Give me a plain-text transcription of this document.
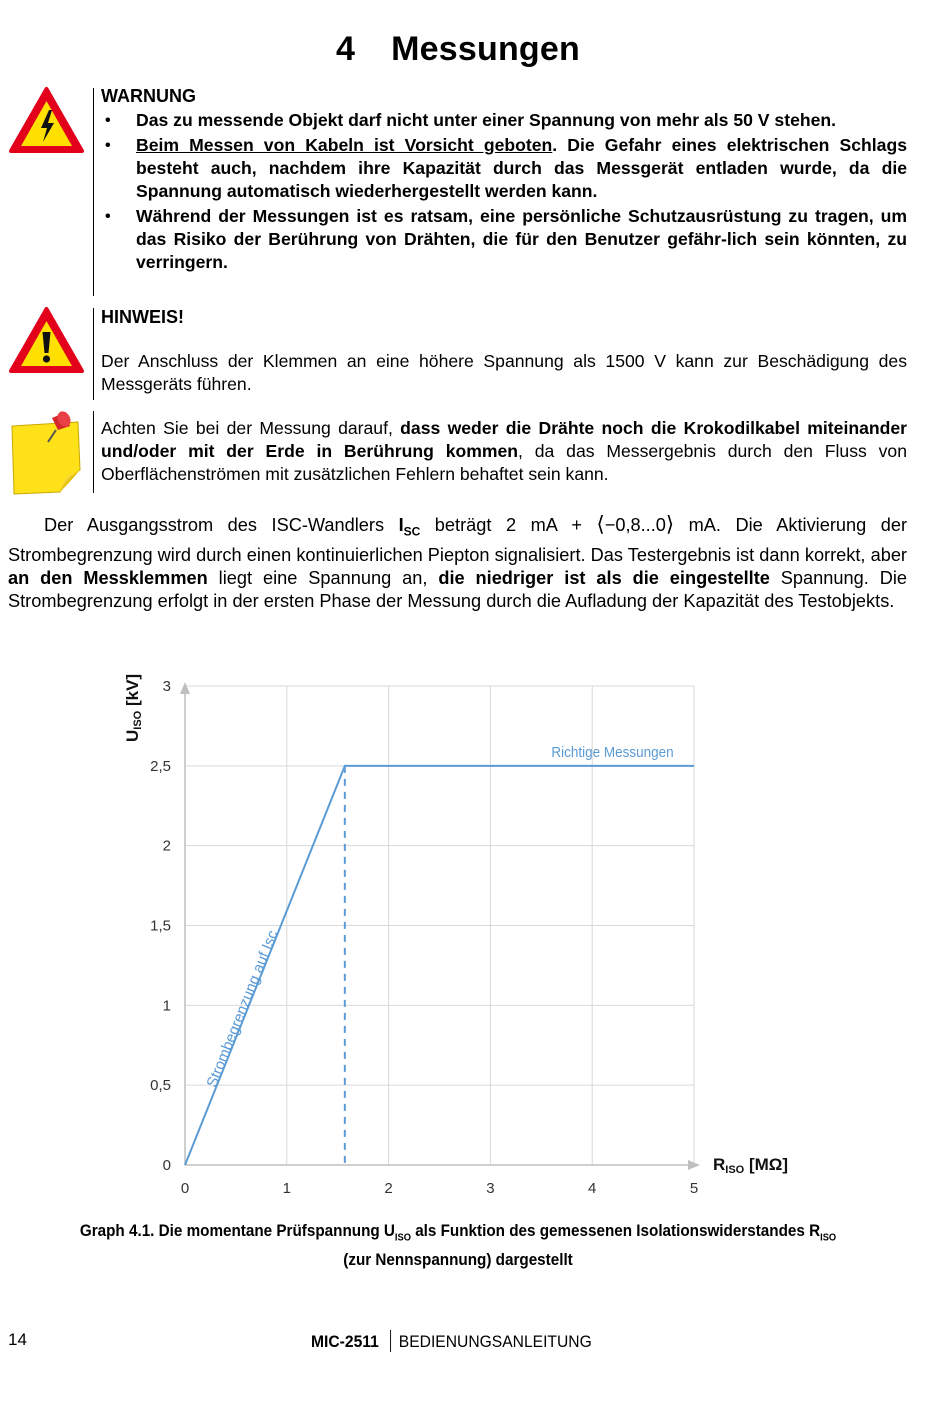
4 Messungen
WARNUNG
• Das zu messende Objekt darf nicht unter einer Spannung von mehr als 50 V stehen.
• Beim Messen von Kabeln ist Vorsicht geboten. Die Gefahr eines elektrischen Schlags besteht auch, nachdem ihre Kapazität durch das Messgerät entladen wurde, da die Spannung automatisch wiederhergestellt werden kann.
• Während der Messungen ist es ratsam, eine persönliche Schutzausrüstung zu tragen, um das Risiko der Berührung von Drähten, die für den Benutzer gefähr-lich sein könnten, zu verringern.
HINWEIS!
Der Anschluss der Klemmen an eine höhere Spannung als 1500 V kann zur Beschädigung des Messgeräts führen.
Achten Sie bei der Messung darauf, dass weder die Drähte noch die Krokodilkabel miteinander und/oder mit der Erde in Berührung kommen, da das Messergebnis durch den Fluss von Oberflächenströmen mit zusätzlichen Fehlern behaftet sein kann.
Der Ausgangsstrom des ISC-Wandlers $I_{SC}$ beträgt 2 mA + ⟨−0,8...0⟩ mA. Die Aktivierung der Strombegrenzung wird durch einen kontinuierlichen Piepton signalisiert. Das Testergebnis ist dann korrekt, aber an den Messklemmen liegt eine Spannung an, die niedriger ist als die eingestellte Spannung. Die Strombegrenzung erfolgt in der ersten Phase der Messung durch die Aufladung der Kapazität des Testobjekts.
0
0,5
1
1,5
2
2,5
3
0	1	2	3	4	5
Richtige Messungen
Strombegrenzung auf Isc
UISO [kV]
RISO [MΩ]
Graph 4.1. Die momentane Prüfspannung $U_{ISO}$ als Funktion des gemessenen Isolationswiderstandes $R_{ISO}$
(zur Nennspannung) dargestellt
14	MIC-2511 BEDIENUNGSANLEITUNG
